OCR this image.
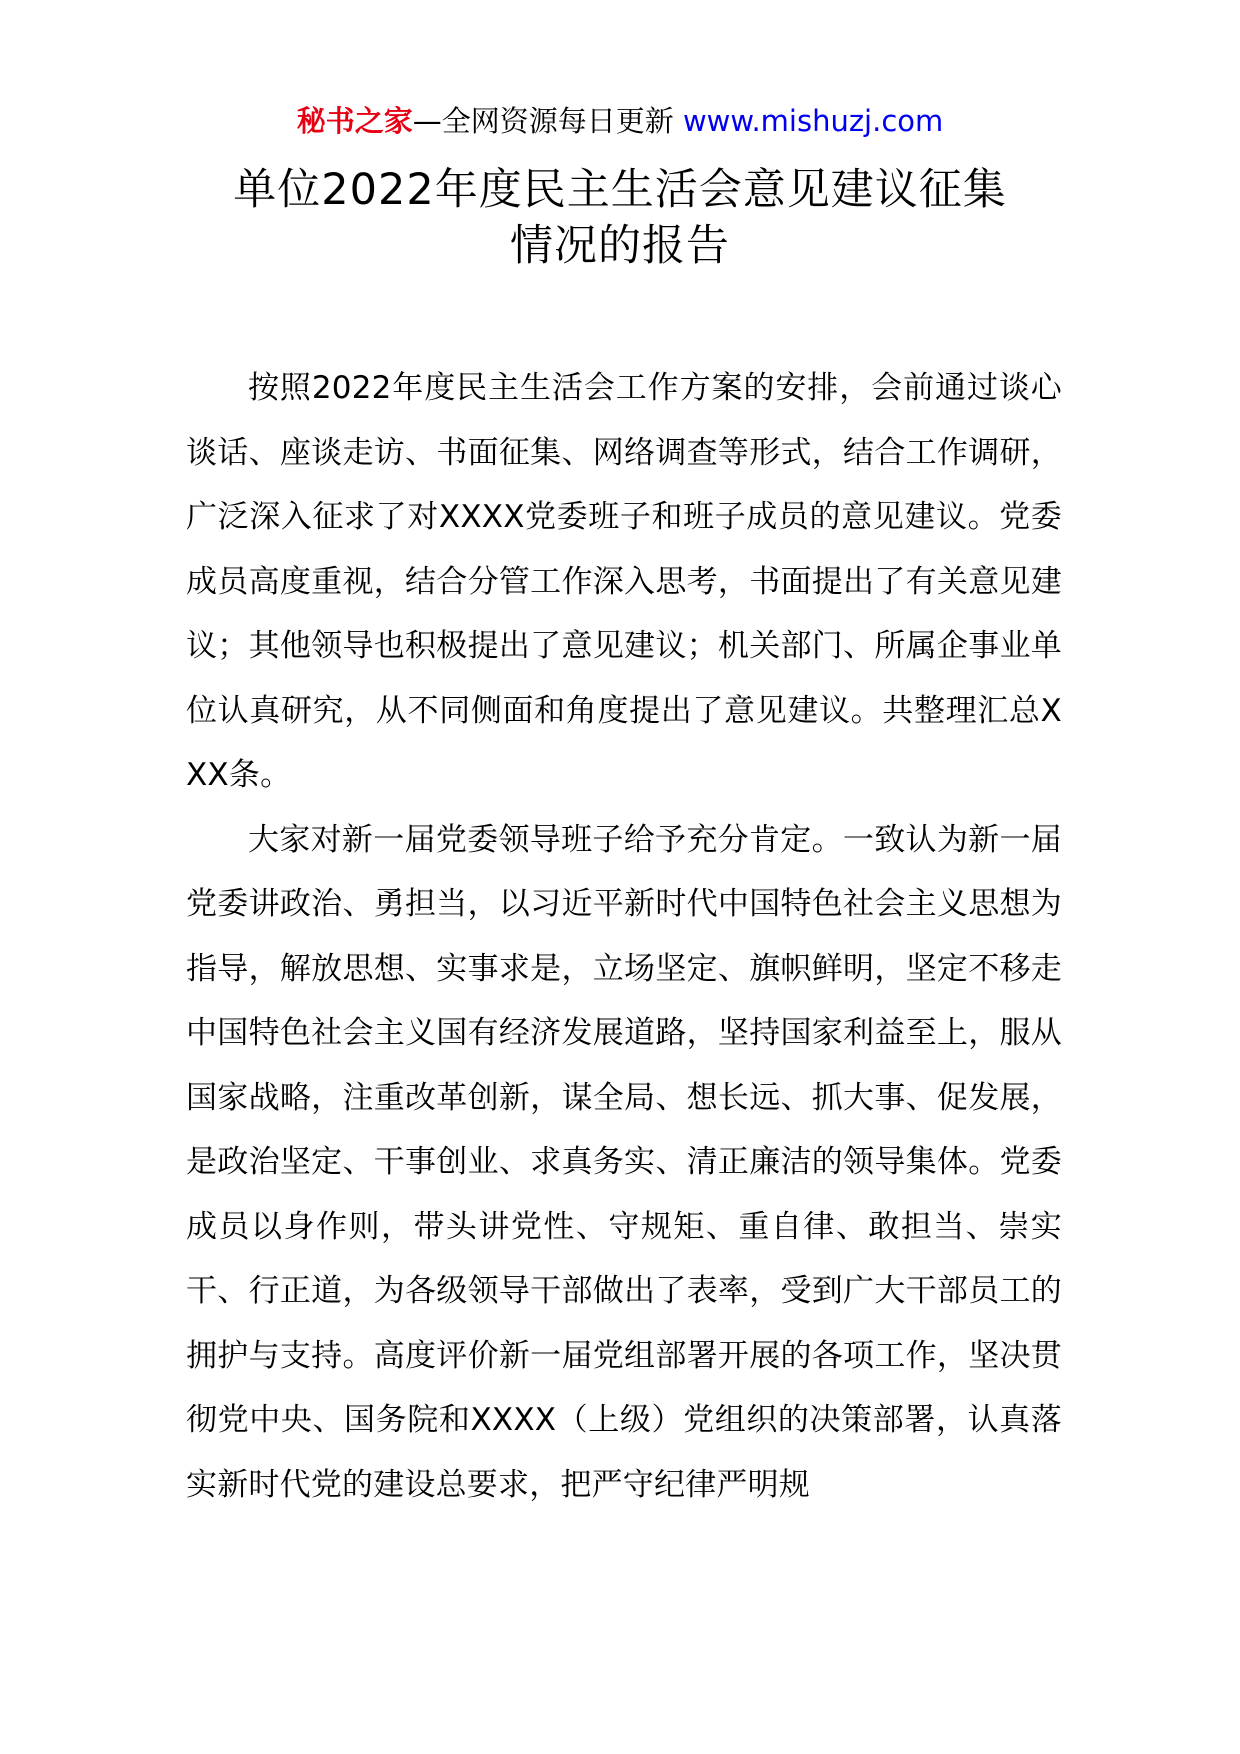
秘书之家—全网资源每日更新 www.mishuzj.com
单位2022年度民主生活会意见建议征集
情况的报告

按照2022年度民主生活会工作方案的安排，会前通过谈心谈话、座谈走访、书面征集、网络调查等形式，结合工作调研，广泛深入征求了对XXXX党委班子和班子成员的意见建议。党委成员高度重视，结合分管工作深入思考，书面提出了有关意见建议；其他领导也积极提出了意见建议；机关部门、所属企事业单位认真研究，从不同侧面和角度提出了意见建议。共整理汇总XXX条。

大家对新一届党委领导班子给予充分肯定。一致认为新一届党委讲政治、勇担当，以习近平新时代中国特色社会主义思想为指导，解放思想、实事求是，立场坚定、旗帜鲜明，坚定不移走中国特色社会主义国有经济发展道路，坚持国家利益至上，服从国家战略，注重改革创新，谋全局、想长远、抓大事、促发展，是政治坚定、干事创业、求真务实、清正廉洁的领导集体。党委成员以身作则，带头讲党性、守规矩、重自律、敢担当、崇实干、行正道，为各级领导干部做出了表率，受到广大干部员工的拥护与支持。高度评价新一届党组部署开展的各项工作，坚决贯彻党中央、国务院和XXXX（上级）党组织的决策部署，认真落实新时代党的建设总要求，把严守纪律严明规
